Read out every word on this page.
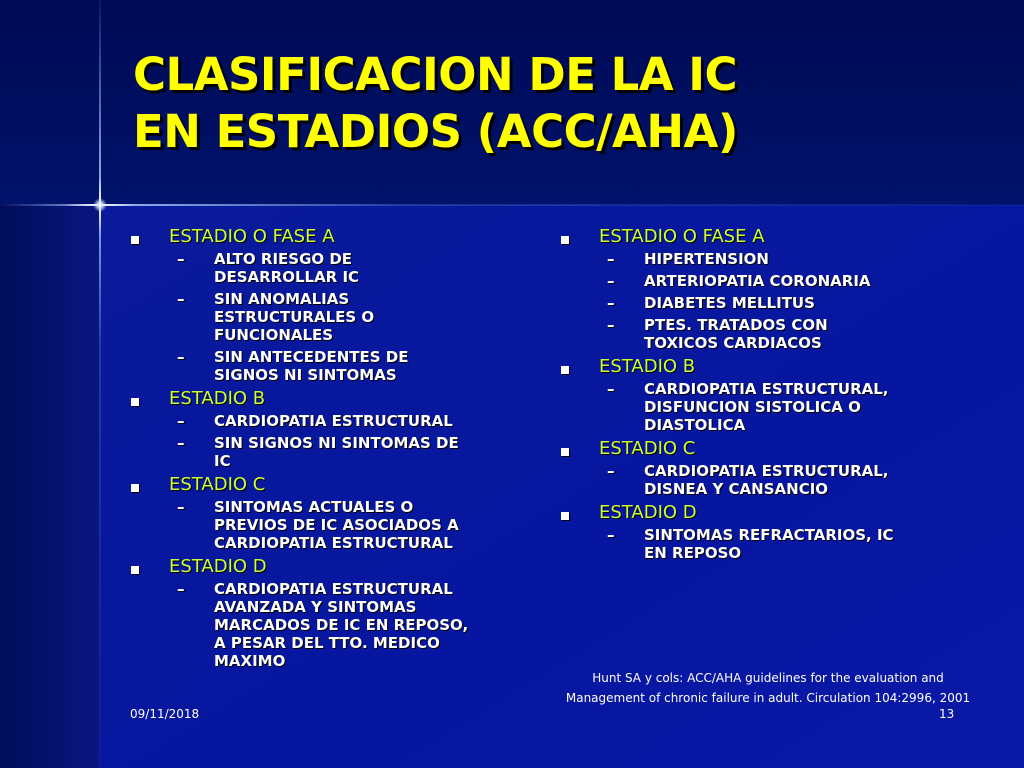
CLASIFICACION DE LA IC
EN ESTADIOS (ACC/AHA)
ESTADIO O FASE A
– ALTO RIESGO DE
DESARROLLAR IC
– SIN ANOMALIAS
ESTRUCTURALES O
FUNCIONALES
– SIN ANTECEDENTES DE
SIGNOS NI SINTOMAS
ESTADIO B
– CARDIOPATIA ESTRUCTURAL
– SIN SIGNOS NI SINTOMAS DE
IC
ESTADIO C
– SINTOMAS ACTUALES O
PREVIOS DE IC ASOCIADOS A
CARDIOPATIA ESTRUCTURAL
ESTADIO D
– CARDIOPATIA ESTRUCTURAL
AVANZADA Y SINTOMAS
MARCADOS DE IC EN REPOSO,
A PESAR DEL TTO. MEDICO
MAXIMO
ESTADIO O FASE A
– HIPERTENSION
– ARTERIOPATIA CORONARIA
– DIABETES MELLITUS
– PTES. TRATADOS CON
TOXICOS CARDIACOS
ESTADIO B
– CARDIOPATIA ESTRUCTURAL,
DISFUNCION SISTOLICA O
DIASTOLICA
ESTADIO C
– CARDIOPATIA ESTRUCTURAL,
DISNEA Y CANSANCIO
ESTADIO D
– SINTOMAS REFRACTARIOS, IC
EN REPOSO
Hunt SA y cols: ACC/AHA guidelines for the evaluation and
Management of chronic failure in adult. Circulation 104:2996, 2001
09/11/2018	13
